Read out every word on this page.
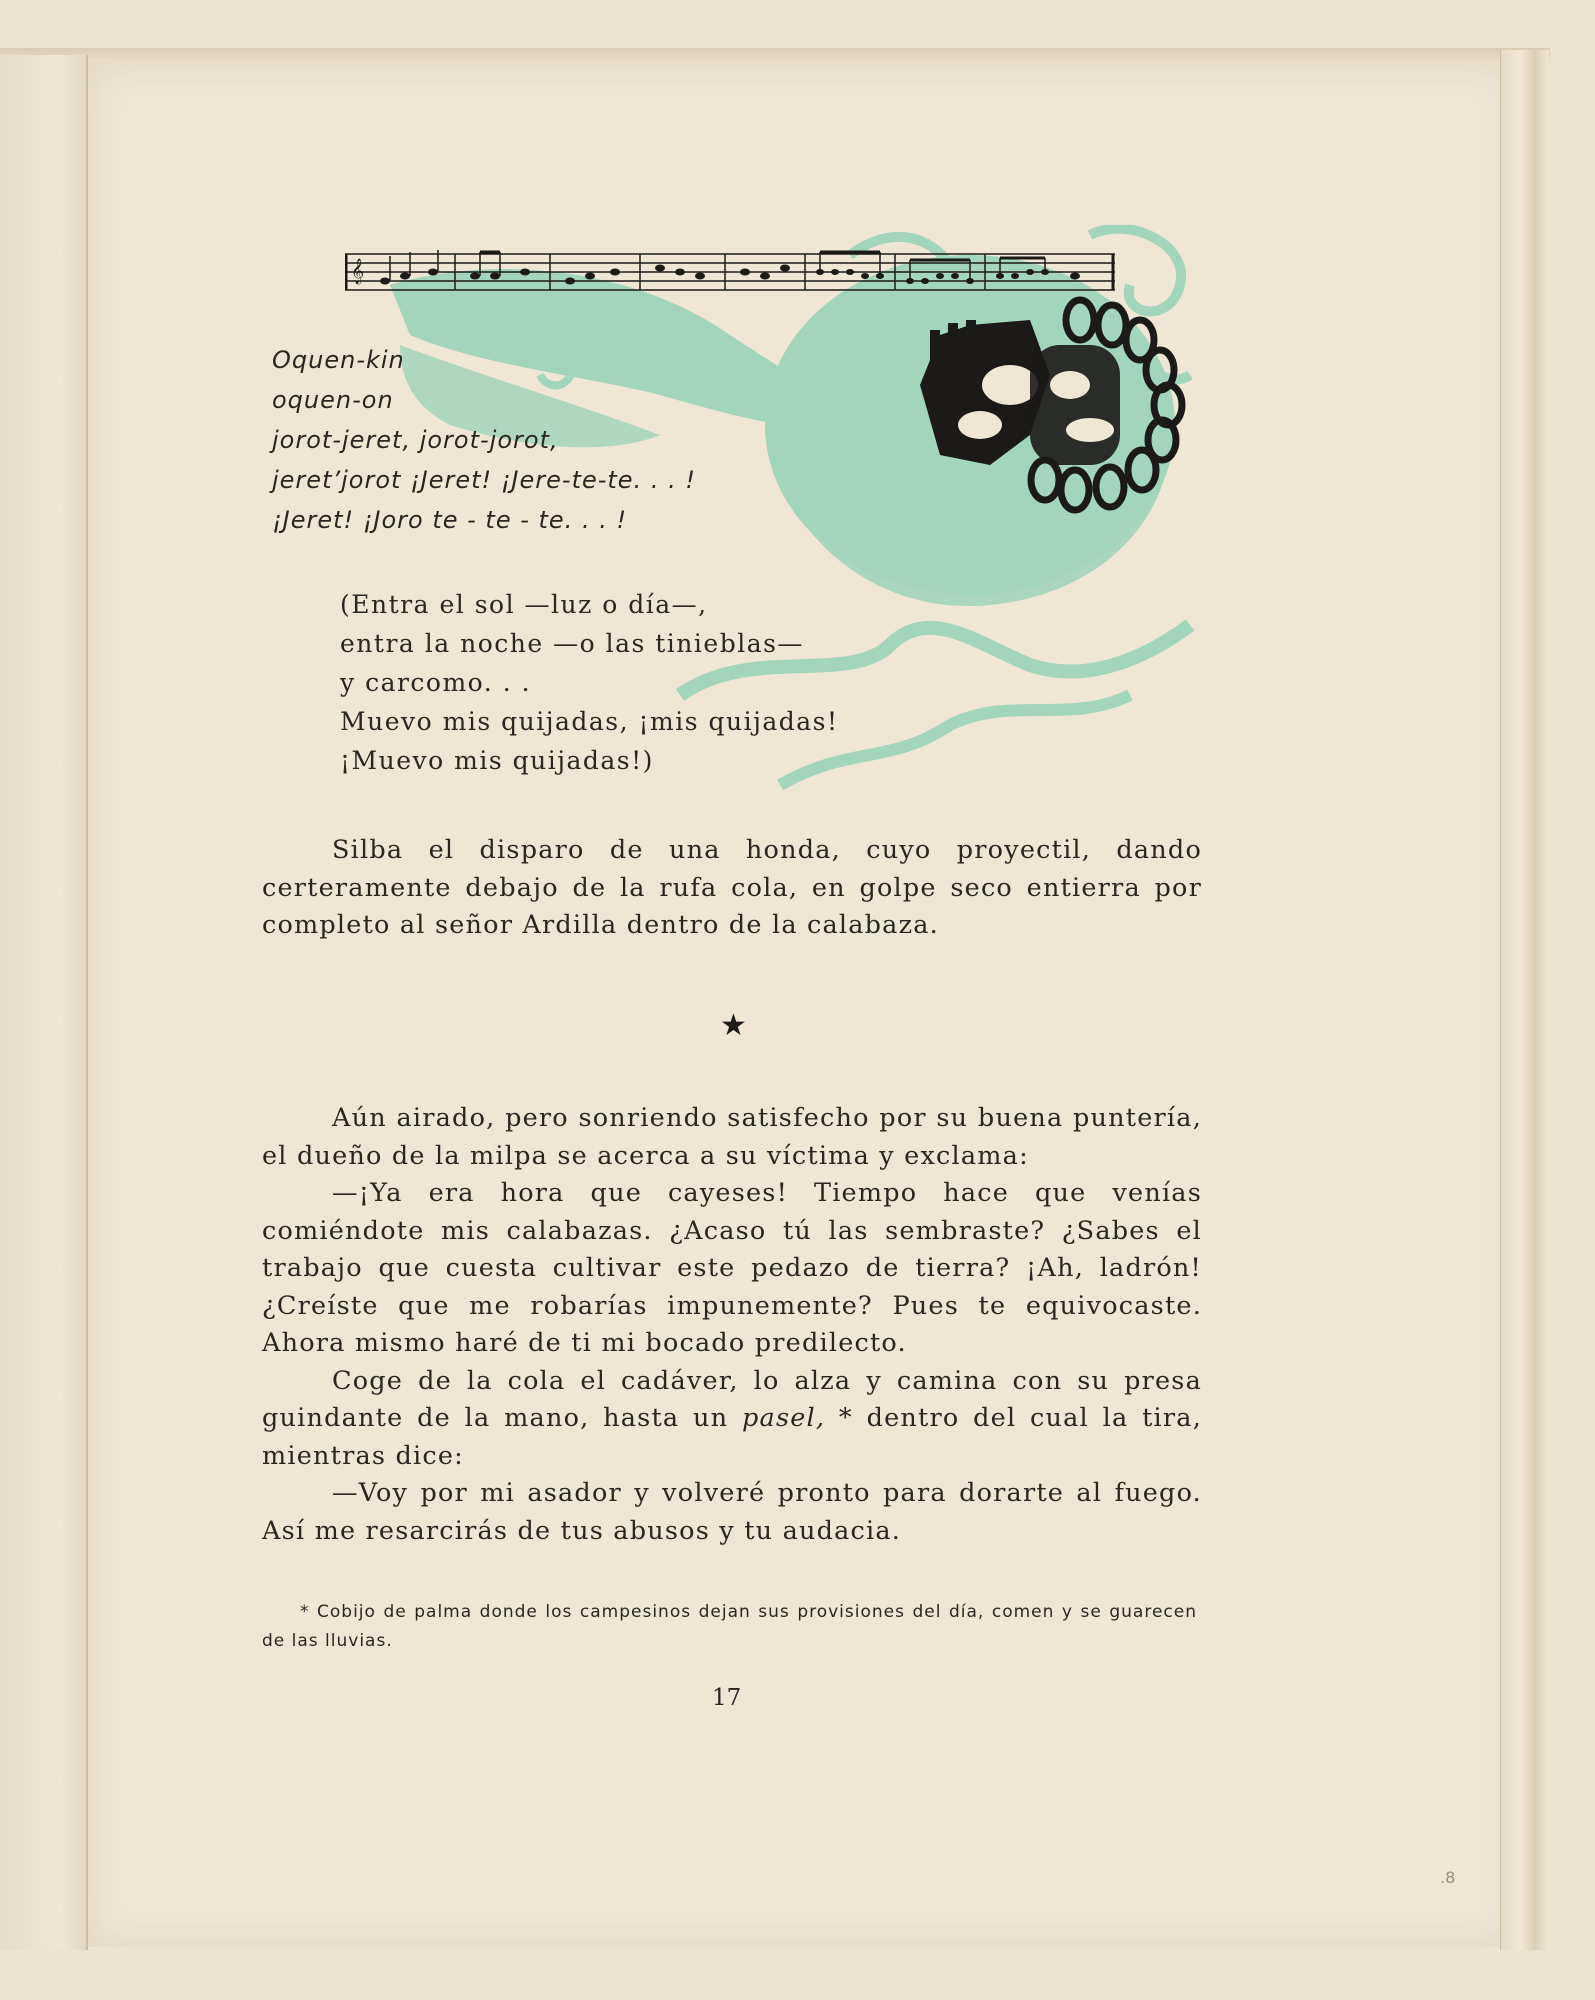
𝄞
Oquen-kin
oquen-on
jorot-jeret, jorot-jorot,
jeret’jorot ¡Jeret! ¡Jere-te-te. . . !
¡Jeret! ¡Joro te - te - te. . . !
(Entra el sol —luz o día—,
entra la noche —o las tinieblas—
y carcomo. . .
Muevo mis quijadas, ¡mis quijadas!
¡Muevo mis quijadas!)

Silba el disparo de una honda, cuyo proyectil, dando certeramente debajo de la rufa cola, en golpe seco entierra por completo al señor Ardilla dentro de la calabaza.

★

Aún airado, pero sonriendo satisfecho por su buena puntería, el dueño de la milpa se acerca a su víctima y exclama:

—¡Ya era hora que cayeses! Tiempo hace que venías comiéndote mis calabazas. ¿Acaso tú las sembraste? ¿Sabes el trabajo que cuesta cultivar este pedazo de tierra? ¡Ah, ladrón! ¿Creíste que me robarías impunemente? Pues te equivocaste. Ahora mismo haré de ti mi bocado predilecto.

Coge de la cola el cadáver, lo alza y camina con su presa guindante de la mano, hasta un pasel, * dentro del cual la tira, mientras dice:

—Voy por mi asador y volveré pronto para dorarte al fuego. Así me resarcirás de tus abusos y tu audacia.

* Cobijo de palma donde los campesinos dejan sus provisiones del día, comen y se guarecen de las lluvias.

17
.8
